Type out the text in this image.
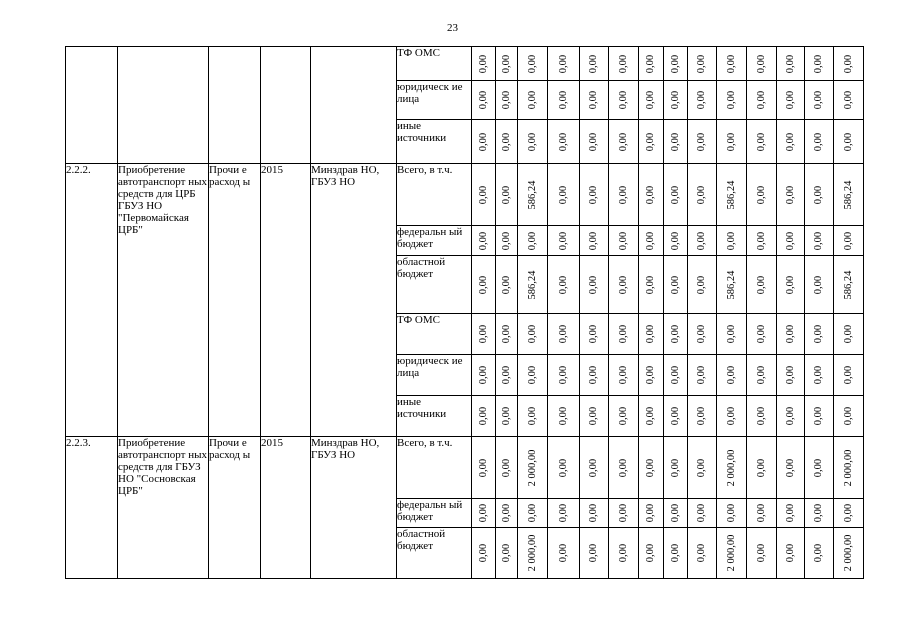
23
					ТФ ОМС	0,00	0,00	0,00	0,00	0,00	0,00	0,00	0,00	0,00	0,00	0,00	0,00	0,00	0,00

					юридическ ие лица	0,00	0,00	0,00	0,00	0,00	0,00	0,00	0,00	0,00	0,00	0,00	0,00	0,00	0,00

					иные источники	0,00	0,00	0,00	0,00	0,00	0,00	0,00	0,00	0,00	0,00	0,00	0,00	0,00	0,00

2.2.2.	Приобретение автотранспорт ных средств для ЦРБ ГБУЗ НО "Первомайская ЦРБ"	Прочи е расход ы	2015	Минздрав НО, ГБУЗ НО	Всего, в т.ч.	0,00	0,00	586,24	0,00	0,00	0,00	0,00	0,00	0,00	586,24	0,00	0,00	0,00	586,24

					федеральн ый бюджет	0,00	0,00	0,00	0,00	0,00	0,00	0,00	0,00	0,00	0,00	0,00	0,00	0,00	0,00

					областной бюджет	0,00	0,00	586,24	0,00	0,00	0,00	0,00	0,00	0,00	586,24	0,00	0,00	0,00	586,24

					ТФ ОМС	0,00	0,00	0,00	0,00	0,00	0,00	0,00	0,00	0,00	0,00	0,00	0,00	0,00	0,00

					юридическ ие лица	0,00	0,00	0,00	0,00	0,00	0,00	0,00	0,00	0,00	0,00	0,00	0,00	0,00	0,00

					иные источники	0,00	0,00	0,00	0,00	0,00	0,00	0,00	0,00	0,00	0,00	0,00	0,00	0,00	0,00

2.2.3.	Приобретение автотранспорт ных средств для ГБУЗ НО "Сосновская ЦРБ"	Прочи е расход ы	2015	Минздрав НО, ГБУЗ НО	Всего, в т.ч.	0,00	0,00	2 000,00	0,00	0,00	0,00	0,00	0,00	0,00	2 000,00	0,00	0,00	0,00	2 000,00

					федеральн ый бюджет	0,00	0,00	0,00	0,00	0,00	0,00	0,00	0,00	0,00	0,00	0,00	0,00	0,00	0,00

					областной бюджет	0,00	0,00	2 000,00	0,00	0,00	0,00	0,00	0,00	0,00	2 000,00	0,00	0,00	0,00	2 000,00
